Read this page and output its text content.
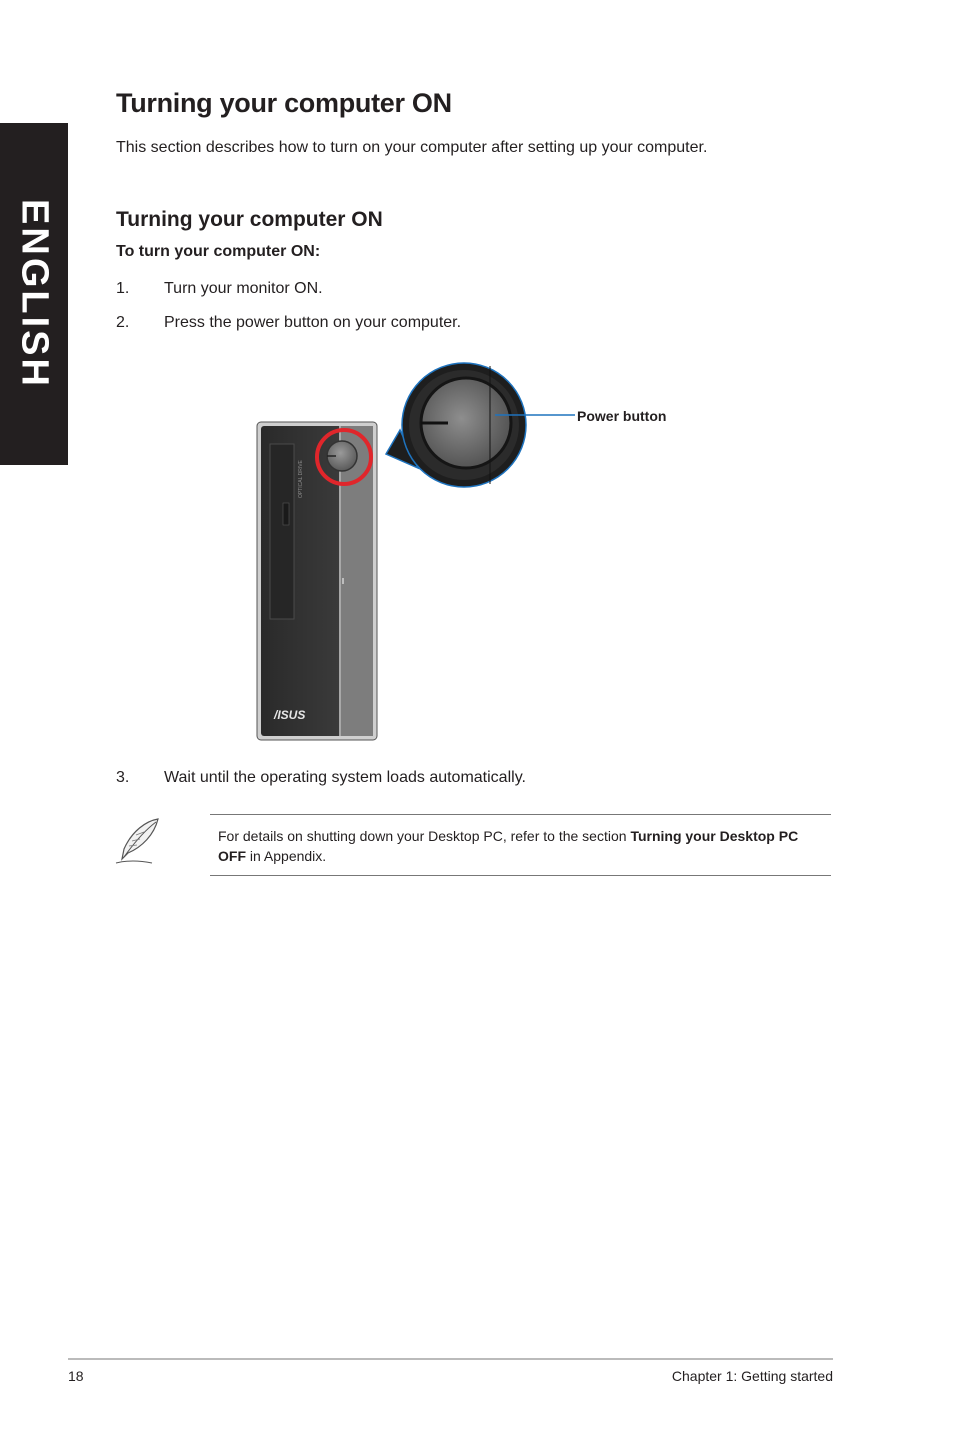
ENGLISH
Turning your computer ON
This section describes how to turn on your computer after setting up your computer.
Turning your computer ON
To turn your computer ON:
1. Turn your monitor ON.
2. Press the power button on your computer.
OPTICAL DRIVE
/ISUS
Power button
3. Wait until the operating system loads automatically.
For details on shutting down your Desktop PC, refer to the section Turning your Desktop PC OFF in Appendix.
18	Chapter 1: Getting started
